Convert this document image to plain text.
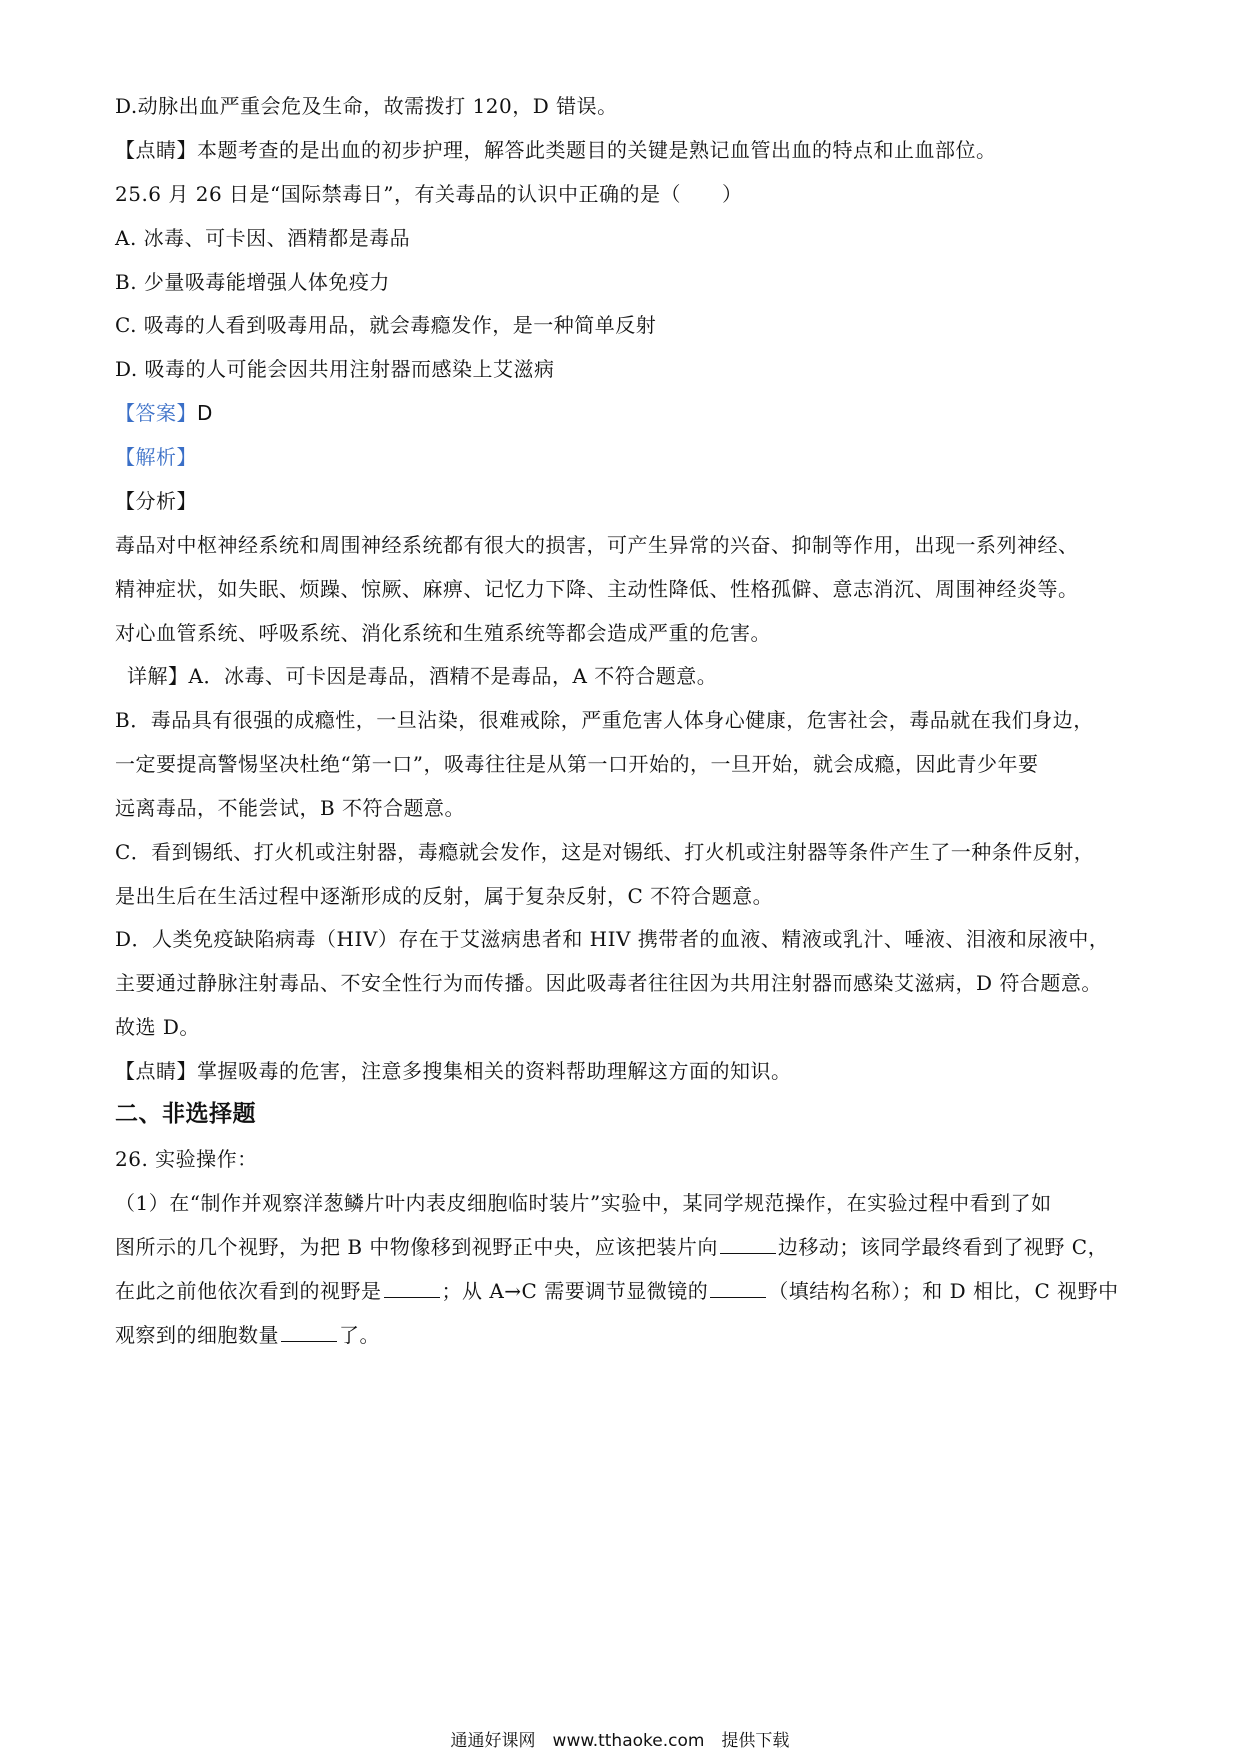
D.动脉出血严重会危及生命，故需拨打 120，D 错误。
【点睛】本题考查的是出血的初步护理，解答此类题目的关键是熟记血管出血的特点和止血部位。
25.6 月 26 日是“国际禁毒日”，有关毒品的认识中正确的是（　　）
A. 冰毒、可卡因、酒精都是毒品
B. 少量吸毒能增强人体免疫力
C. 吸毒的人看到吸毒用品，就会毒瘾发作，是一种简单反射
D. 吸毒的人可能会因共用注射器而感染上艾滋病
【答案】D
【解析】
【分析】
毒品对中枢神经系统和周围神经系统都有很大的损害，可产生异常的兴奋、抑制等作用，出现一系列神经、
精神症状，如失眠、烦躁、惊厥、麻痹、记忆力下降、主动性降低、性格孤僻、意志消沉、周围神经炎等。
对心血管系统、呼吸系统、消化系统和生殖系统等都会造成严重的危害。
详解】A．冰毒、可卡因是毒品，酒精不是毒品，A 不符合题意。
B．毒品具有很强的成瘾性，一旦沾染，很难戒除，严重危害人体身心健康，危害社会，毒品就在我们身边，
一定要提高警惕坚决杜绝“第一口”，吸毒往往是从第一口开始的，一旦开始，就会成瘾，因此青少年要
远离毒品，不能尝试，B 不符合题意。
C．看到锡纸、打火机或注射器，毒瘾就会发作，这是对锡纸、打火机或注射器等条件产生了一种条件反射，
是出生后在生活过程中逐渐形成的反射，属于复杂反射，C 不符合题意。
D．人类免疫缺陷病毒（HIV）存在于艾滋病患者和 HIV 携带者的血液、精液或乳汁、唾液、泪液和尿液中，
主要通过静脉注射毒品、不安全性行为而传播。因此吸毒者往往因为共用注射器而感染艾滋病，D 符合题意。
故选 D。
【点睛】掌握吸毒的危害，注意多搜集相关的资料帮助理解这方面的知识。
二、非选择题
26. 实验操作：
（1）在“制作并观察洋葱鳞片叶内表皮细胞临时装片”实验中，某同学规范操作，在实验过程中看到了如
图所示的几个视野，为把 B 中物像移到视野正中央，应该把装片向	边移动；该同学最终看到了视野 C，
在此之前他依次看到的视野是	；从 A→C 需要调节显微镜的	（填结构名称）；和 D 相比，C 视野中
观察到的细胞数量	了。
通通好课网　www.tthaoke.com　提供下载
